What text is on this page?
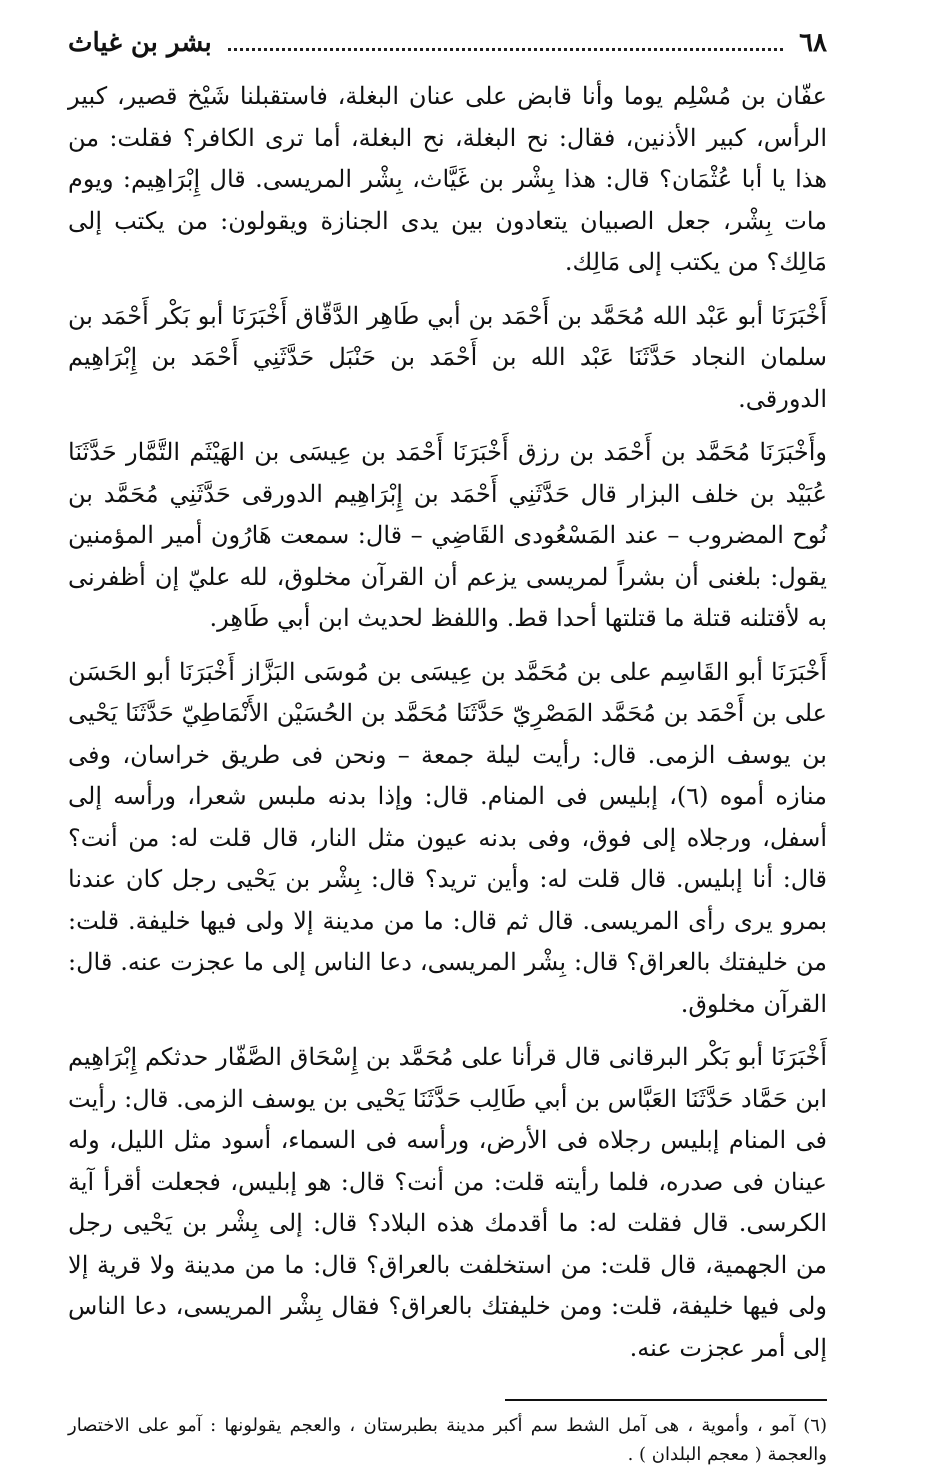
٦٨
بشر بن غياث

عفّان بن مُسْلِم يوما وأنا قابض على عنان البغلة، فاستقبلنا شَيْخ قصير، كبير الرأس، كبير الأذنين، فقال: نح البغلة، نح البغلة، أما ترى الكافر؟ فقلت: من هذا يا أبا عُثْمَان؟ قال: هذا بِشْر بن غَيَّاث، بِشْر المريسى. قال إِبْرَاهِيم: ويوم مات بِشْر، جعل الصبيان يتعادون بين يدى الجنازة ويقولون: من يكتب إلى مَالِك؟ من يكتب إلى مَالِك.

أَخْبَرَنَا أبو عَبْد الله مُحَمَّد بن أَحْمَد بن أبي طَاهِر الدَّقّاق أَخْبَرَنَا أبو بَكْر أَحْمَد بن سلمان النجاد حَدَّثَنَا عَبْد الله بن أَحْمَد بن حَنْبَل حَدَّثَنِي أَحْمَد بن إِبْرَاهِيم الدورقى.

وأَخْبَرَنَا مُحَمَّد بن أَحْمَد بن رزق أَخْبَرَنَا أَحْمَد بن عِيسَى بن الهَيْثَم التَّمَّار حَدَّثَنَا عُبَيْد بن خلف البزار قال حَدَّثَنِي أَحْمَد بن إِبْرَاهِيم الدورقى حَدَّثَنِي مُحَمَّد بن نُوح المضروب – عند المَسْعُودى القَاضِي – قال: سمعت هَارُون أمير المؤمنين يقول: بلغنى أن بشراً لمريسى يزعم أن القرآن مخلوق، لله عليّ إن أظفرنى به لأقتلنه قتلة ما قتلتها أحدا قط. واللفظ لحديث ابن أبي طَاهِر.

أَخْبَرَنَا أبو القَاسِم على بن مُحَمَّد بن عِيسَى بن مُوسَى البَزَّاز أَخْبَرَنَا أبو الحَسَن على بن أَحْمَد بن مُحَمَّد المَصْرِيّ حَدَّثَنَا مُحَمَّد بن الحُسَيْن الأَنْمَاطِيّ حَدَّثَنَا يَحْيى بن يوسف الزمى. قال: رأيت ليلة جمعة – ونحن فى طريق خراسان، وفى منازه أموه (٦)، إبليس فى المنام. قال: وإذا بدنه ملبس شعرا، ورأسه إلى أسفل، ورجلاه إلى فوق، وفى بدنه عيون مثل النار، قال قلت له: من أنت؟ قال: أنا إبليس. قال قلت له: وأين تريد؟ قال: بِشْر بن يَحْيى رجل كان عندنا بمرو يرى رأى المريسى. قال ثم قال: ما من مدينة إلا ولى فيها خليفة. قلت: من خليفتك بالعراق؟ قال: بِشْر المريسى، دعا الناس إلى ما عجزت عنه. قال: القرآن مخلوق.

أَخْبَرَنَا أبو بَكْر البرقانى قال قرأنا على مُحَمَّد بن إِسْحَاق الصَّفّار حدثكم إِبْرَاهِيم ابن حَمَّاد حَدَّثَنَا العَبَّاس بن أبي طَالِب حَدَّثَنَا يَحْيى بن يوسف الزمى. قال: رأيت فى المنام إبليس رجلاه فى الأرض، ورأسه فى السماء، أسود مثل الليل، وله عينان فى صدره، فلما رأيته قلت: من أنت؟ قال: هو إبليس، فجعلت أقرأ آية الكرسى. قال فقلت له: ما أقدمك هذه البلاد؟ قال: إلى بِشْر بن يَحْيى رجل من الجهمية، قال قلت: من استخلفت بالعراق؟ قال: ما من مدينة ولا قرية إلا ولى فيها خليفة، قلت: ومن خليفتك بالعراق؟ فقال بِشْر المريسى، دعا الناس إلى أمر عجزت عنه.

(٦) آمو ، وأموية ، هى آمل الشط سم أكبر مدينة بطبرستان ، والعجم يقولونها : آمو على الاختصار والعجمة ( معجم البلدان ) .
